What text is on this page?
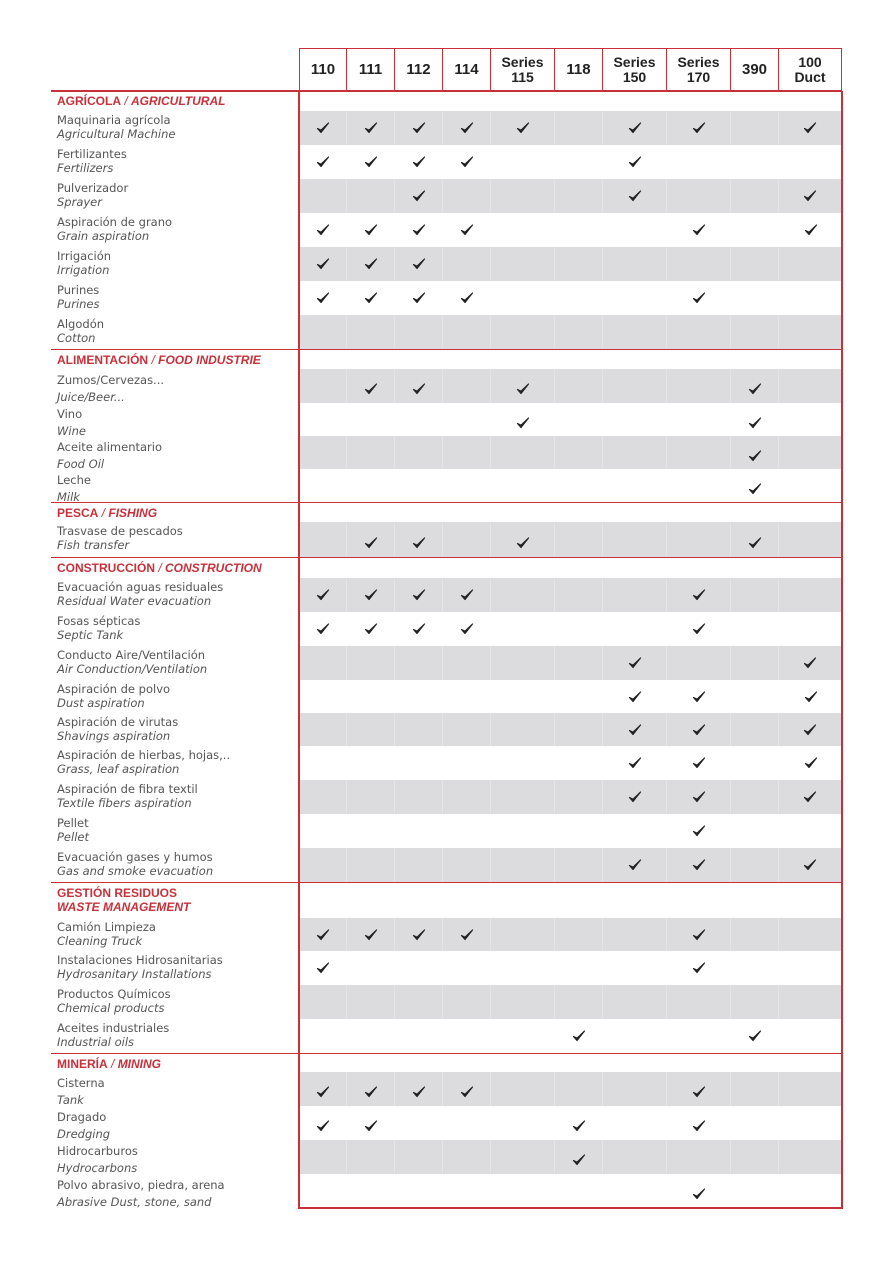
110 111 112 114 Series
115	118 Series
150
Series
170	390 100
Duct
AGRÍCOLA / AGRICULTURAL
Maquinaria agrícola
Agricultural Machine
Fertilizantes
Fertilizers
Pulverizador
Sprayer
Aspiración de grano
Grain aspiration
Irrigación
Irrigation
Purines
Purines
Algodón
Cotton
ALIMENTACIÓN / FOOD INDUSTRIE
Zumos/Cervezas...
Juice/Beer...
Vino
Wine
Aceite alimentario
Food Oil
Leche
Milk
PESCA / FISHING
Trasvase de pescados
Fish transfer
CONSTRUCCIÓN / CONSTRUCTION
Evacuación aguas residuales
Residual Water evacuation
Fosas sépticas
Septic Tank
Conducto Aire/Ventilación
Air Conduction/Ventilation
Aspiración de polvo
Dust aspiration
Aspiración de virutas
Shavings aspiration
Aspiración de hierbas, hojas,..
Grass, leaf aspiration
Aspiración de fibra textil
Textile fibers aspiration
Pellet
Pellet
Evacuación gases y humos
Gas and smoke evacuation
GESTIÓN RESIDUOS
WASTE MANAGEMENT
Camión Limpieza
Cleaning Truck
Instalaciones Hidrosanitarias
Hydrosanitary Installations
Productos Químicos
Chemical products
Aceites industriales
Industrial oils
MINERÍA / MINING
Cisterna
Tank
Dragado
Dredging
Hidrocarburos
Hydrocarbons
Polvo abrasivo, piedra, arena
Abrasive Dust, stone, sand
